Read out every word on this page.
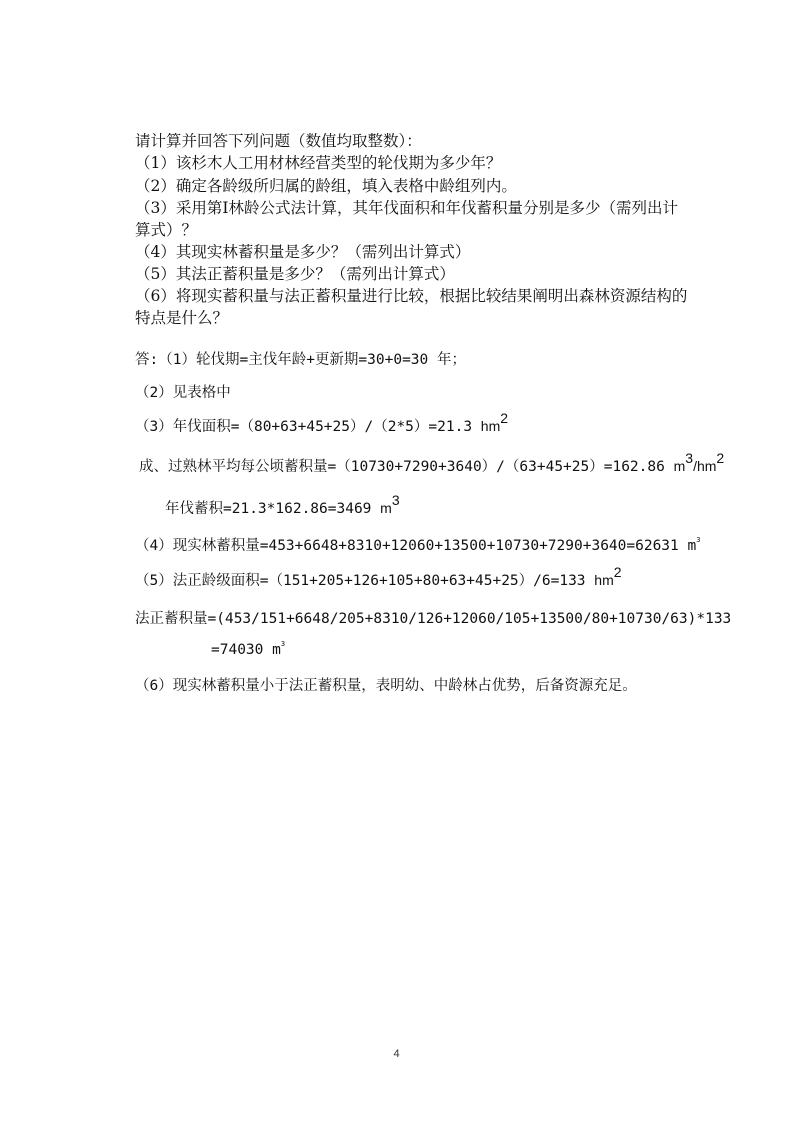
请计算并回答下列问题（数值均取整数）：
（1）该杉木人工用材林经营类型的轮伐期为多少年？
（2）确定各龄级所归属的龄组，填入表格中龄组列内。
（3）采用第Ⅰ林龄公式法计算，其年伐面积和年伐蓄积量分别是多少（需列出计
算式）？
（4）其现实林蓄积量是多少？（需列出计算式）
（5）其法正蓄积量是多少？（需列出计算式）
（6）将现实蓄积量与法正蓄积量进行比较，根据比较结果阐明出森林资源结构的
特点是什么？
答:（1）轮伐期=主伐年龄+更新期=30+0=30 年；
（2）见表格中
（3）年伐面积=（80+63+45+25）/（2*5）=21.3 $hm^2$
成、过熟林平均每公顷蓄积量=（10730+7290+3640）/（63+45+25）=162.86 $m^3/hm^2$
年伐蓄积=21.3*162.86=3469 $m^3$
（4）现实林蓄积量=453+6648+8310+12060+13500+10730+7290+3640=62631 $m^3$
（5）法正龄级面积=（151+205+126+105+80+63+45+25）/6=133 $hm^2$
法正蓄积量=(453/151+6648/205+8310/126+12060/105+13500/80+10730/63)*133
=74030 $m^3$
（6）现实林蓄积量小于法正蓄积量，表明幼、中龄林占优势，后备资源充足。
4
